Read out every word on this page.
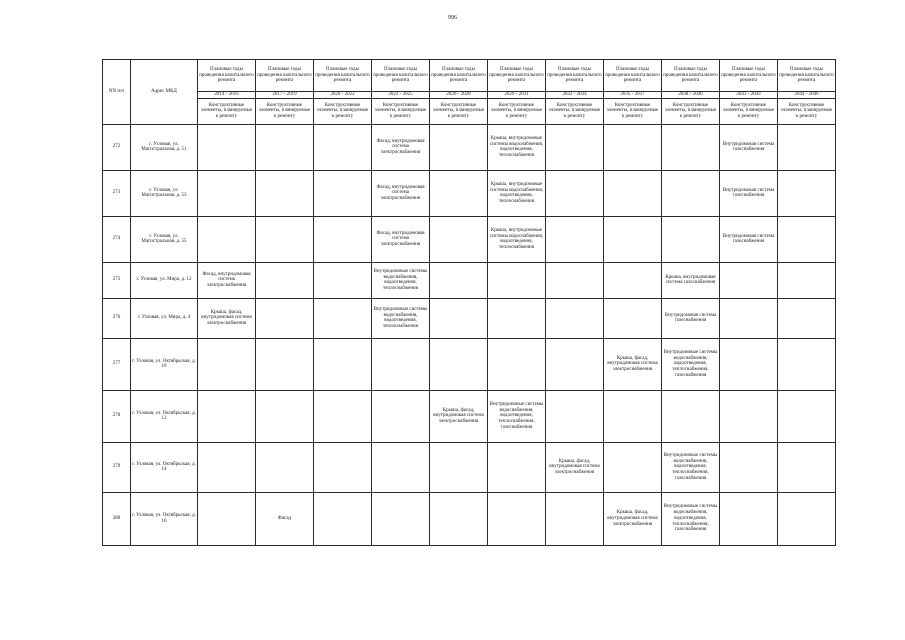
996
NN п/п	Адрес МКД	Плановые годы проведения капитального ремонта	Плановые годы проведения капитального ремонта	Плановые годы проведения капитального ремонта	Плановые годы проведения капитального ремонта	Плановые годы проведения капитального ремонта	Плановые годы проведения капитального ремонта	Плановые годы проведения капитального ремонта	Плановые годы проведения капитального ремонта	Плановые годы проведения капитального ремонта	Плановые годы проведения капитального ремонта	Плановые годы проведения капитального ремонта
		2014 - 2016	2017 - 2019	2020 - 2022	2023 - 2025	2026 - 2028	2029 - 2031	2032 - 2034	2035 - 2037	2038 - 2040	2041 - 2043	2044 - 2046
		Конструктивные элементы, планируемые к ремонту	Конструктивные элементы, планируемые к ремонту	Конструктивные элементы, планируемые к ремонту	Конструктивные элементы, планируемые к ремонту	Конструктивные элементы, планируемые к ремонту	Конструктивные элементы, планируемые к ремонту	Конструктивные элементы, планируемые к ремонту	Конструктивные элементы, планируемые к ремонту	Конструктивные элементы, планируемые к ремонту	Конструктивные элементы, планируемые к ремонту	Конструктивные элементы, планируемые к ремонту
272	г. Узловая, ул. Магистральная, д. 51				Фасад, внутридомовая система электроснабжения		Крыша, внутридомовые системы водоснабжения, водоотведения, теплоснабжения				Внутридомовая система газоснабжения	
273	г. Узловая, ул. Магистральная, д. 53				Фасад, внутридомовая система электроснабжения		Крыша, внутридомовые системы водоснабжения, водоотведения, теплоснабжения				Внутридомовая система газоснабжения	
274	г. Узловая, ул. Магистральная, д. 55				Фасад, внутридомовая система электроснабжения		Крыша, внутридомовые системы водоснабжения, водоотведения, теплоснабжения				Внутридомовая система газоснабжения	
275	г. Узловая, ул. Мира, д. 12	Фасад, внутридомовая система электроснабжения			Внутридомовые системы водоснабжения, водоотведения, теплоснабжения					Крыша, внутридомовая система газоснабжения		
276	г. Узловая, ул. Мира, д. 4	Крыша, фасад, внутридомовая система электроснабжения			Внутридомовые системы водоснабжения, водоотведения, теплоснабжения					Внутридомовая система газоснабжения		
277	г. Узловая, ул. Октябрьская, д. 10								Крыша, фасад, внутридомовая система электроснабжения	Внутридомовые системы водоснабжения, водоотведения, теплоснабжения, газоснабжения		
278	г. Узловая, ул. Октябрьская, д. 12					Крыша, фасад, внутридомовая система электроснабжения	Внутридомовые системы водоснабжения, водоотведения, теплоснабжения, газоснабжения					
279	г. Узловая, ул. Октябрьская, д. 14							Крыша, фасад, внутридомовая система электроснабжения		Внутридомовые системы водоснабжения, водоотведения, теплоснабжения, газоснабжения		
280	г. Узловая, ул. Октябрьская, д. 16		Фасад						Крыша, фасад, внутридомовая система электроснабжения	Внутридомовые системы водоснабжения, водоотведения, теплоснабжения, газоснабжения		
